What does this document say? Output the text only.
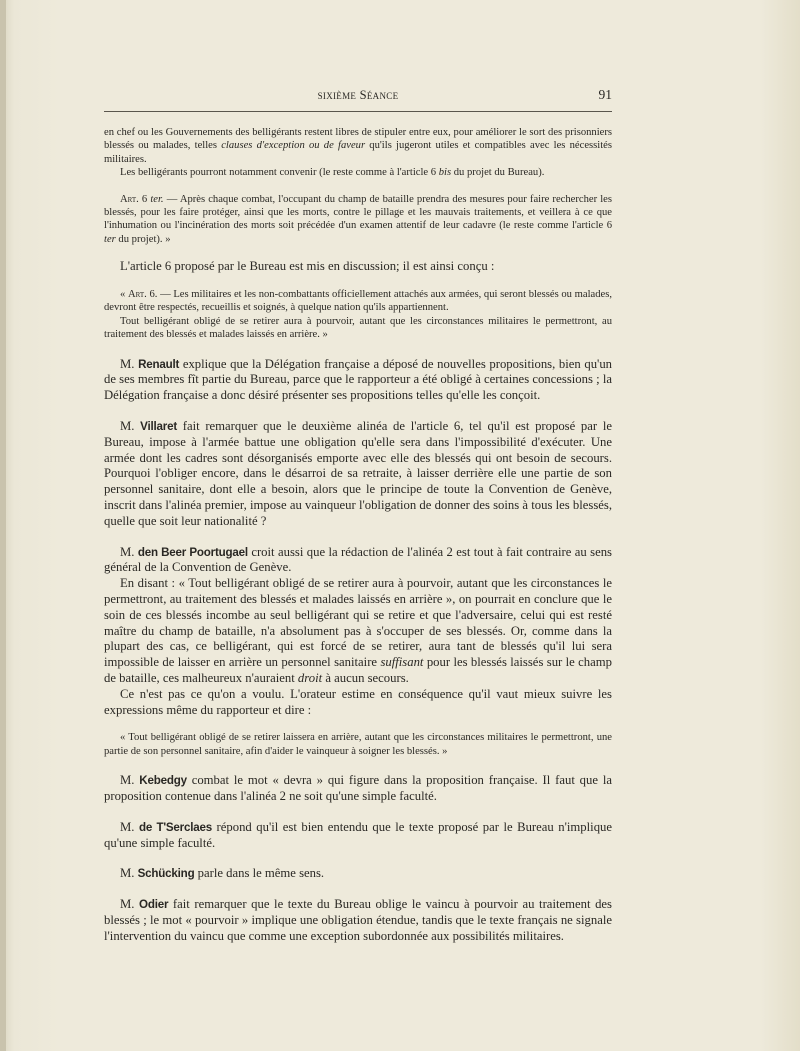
sixième Séance	91

en chef ou les Gouvernements des belligérants restent libres de stipuler entre eux, pour améliorer le sort des prisonniers blessés ou malades, telles clauses d'exception ou de faveur qu'ils jugeront utiles et compatibles avec les nécessités militaires.

Les belligérants pourront notamment convenir (le reste comme à l'article 6 bis du projet du Bureau).

Art. 6 ter. — Après chaque combat, l'occupant du champ de bataille prendra des mesures pour faire rechercher les blessés, pour les faire protéger, ainsi que les morts, contre le pillage et les mauvais traitements, et veillera à ce que l'inhumation ou l'incinération des morts soit précédée d'un examen attentif de leur cadavre (le reste comme l'article 6 ter du projet). »

L'article 6 proposé par le Bureau est mis en discussion; il est ainsi conçu :

« Art. 6. — Les militaires et les non-combattants officiellement attachés aux armées, qui seront blessés ou malades, devront être respectés, recueillis et soignés, à quelque nation qu'ils appartiennent.

Tout belligérant obligé de se retirer aura à pourvoir, autant que les circonstances militaires le permettront, au traitement des blessés et malades laissés en arrière. »

M. Renault explique que la Délégation française a déposé de nouvelles propositions, bien qu'un de ses membres fît partie du Bureau, parce que le rapporteur a été obligé à certaines concessions ; la Délégation française a donc désiré présenter ses propositions telles qu'elle les conçoit.

M. Villaret fait remarquer que le deuxième alinéa de l'article 6, tel qu'il est proposé par le Bureau, impose à l'armée battue une obligation qu'elle sera dans l'impossibilité d'exécuter. Une armée dont les cadres sont désorganisés emporte avec elle des blessés qui ont besoin de secours. Pourquoi l'obliger encore, dans le désarroi de sa retraite, à laisser derrière elle une partie de son personnel sanitaire, dont elle a besoin, alors que le principe de toute la Convention de Genève, inscrit dans l'alinéa premier, impose au vainqueur l'obligation de donner des soins à tous les blessés, quelle que soit leur nationalité ?

M. den Beer Poortugael croit aussi que la rédaction de l'alinéa 2 est tout à fait contraire au sens général de la Convention de Genève.

En disant : « Tout belligérant obligé de se retirer aura à pourvoir, autant que les circonstances le permettront, au traitement des blessés et malades laissés en arrière », on pourrait en conclure que le soin de ces blessés incombe au seul belligérant qui se retire et que l'adversaire, celui qui est resté maître du champ de bataille, n'a absolument pas à s'occuper de ses blessés. Or, comme dans la plupart des cas, ce belligérant, qui est forcé de se retirer, aura tant de blessés qu'il lui sera impossible de laisser en arrière un personnel sanitaire suffisant pour les blessés laissés sur le champ de bataille, ces malheureux n'auraient droit à aucun secours.

Ce n'est pas ce qu'on a voulu. L'orateur estime en conséquence qu'il vaut mieux suivre les expressions même du rapporteur et dire :

« Tout belligérant obligé de se retirer laissera en arrière, autant que les circonstances militaires le permettront, une partie de son personnel sanitaire, afin d'aider le vainqueur à soigner les blessés. »

M. Kebedgy combat le mot « devra » qui figure dans la proposition française. Il faut que la proposition contenue dans l'alinéa 2 ne soit qu'une simple faculté.

M. de T'Serclaes répond qu'il est bien entendu que le texte proposé par le Bureau n'implique qu'une simple faculté.

M. Schücking parle dans le même sens.

M. Odier fait remarquer que le texte du Bureau oblige le vaincu à pourvoir au traitement des blessés ; le mot « pourvoir » implique une obligation étendue, tandis que le texte français ne signale l'intervention du vaincu que comme une exception subordonnée aux possibilités militaires.
